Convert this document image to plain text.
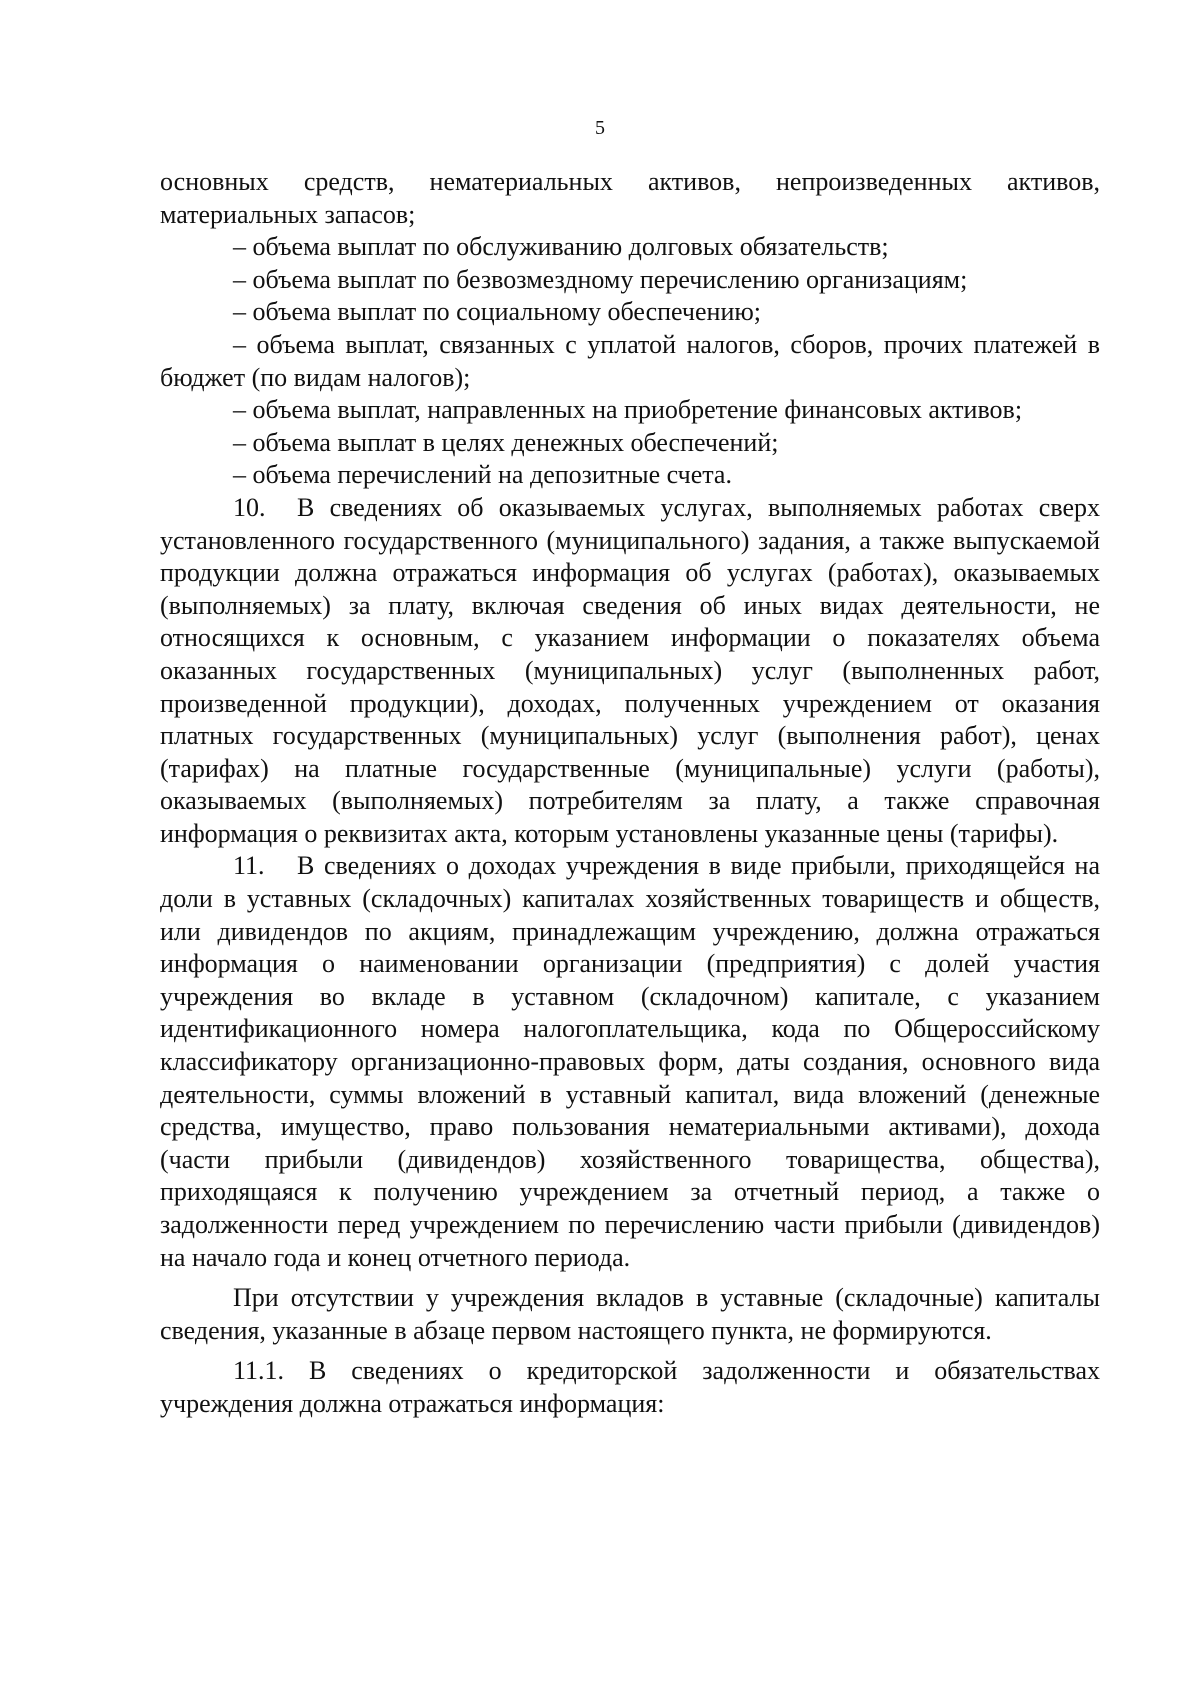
5

основных средств, нематериальных активов, непроизведенных активов, материальных запасов;

– объема выплат по обслуживанию долговых обязательств;

– объема выплат по безвозмездному перечислению организациям;

– объема выплат по социальному обеспечению;

– объема выплат, связанных с уплатой налогов, сборов, прочих платежей в бюджет (по видам налогов);

– объема выплат, направленных на приобретение финансовых активов;

– объема выплат в целях денежных обеспечений;

– объема перечислений на депозитные счета.

10. В сведениях об оказываемых услугах, выполняемых работах сверх установленного государственного (муниципального) задания, а также выпускаемой продукции должна отражаться информация об услугах (работах), оказываемых (выполняемых) за плату, включая сведения об иных видах деятельности, не относящихся к основным, с указанием информации о показателях объема оказанных государственных (муниципальных) услуг (выполненных работ, произведенной продукции), доходах, полученных учреждением от оказания платных государственных (муниципальных) услуг (выполнения работ), ценах (тарифах) на платные государственные (муниципальные) услуги (работы), оказываемых (выполняемых) потребителям за плату, а также справочная информация о реквизитах акта, которым установлены указанные цены (тарифы).

11. В сведениях о доходах учреждения в виде прибыли, приходящейся на доли в уставных (складочных) капиталах хозяйственных товариществ и обществ, или дивидендов по акциям, принадлежащим учреждению, должна отражаться информация о наименовании организации (предприятия) с долей участия учреждения во вкладе в уставном (складочном) капитале, с указанием идентификационного номера налогоплательщика, кода по Общероссийскому классификатору организационно-правовых форм, даты создания, основного вида деятельности, суммы вложений в уставный капитал, вида вложений (денежные средства, имущество, право пользования нематериальными активами), дохода (части прибыли (дивидендов) хозяйственного товарищества, общества), приходящаяся к получению учреждением за отчетный период, а также о задолженности перед учреждением по перечислению части прибыли (дивидендов) на начало года и конец отчетного периода.

При отсутствии у учреждения вкладов в уставные (складочные) капиталы сведения, указанные в абзаце первом настоящего пункта, не формируются.

11.1. В сведениях о кредиторской задолженности и обязательствах учреждения должна отражаться информация:
